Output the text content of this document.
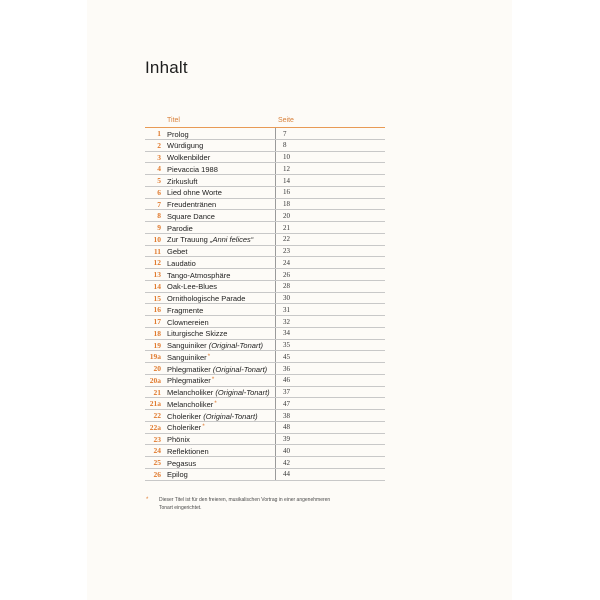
Inhalt
Titel	Seite
1 Prolog	7
2 Würdigung	8
3 Wolkenbilder	10
4 Pievaccia 1988	12
5 Zirkusluft	14
6 Lied ohne Worte	16
7 Freudentränen	18
8 Square Dance	20
9 Parodie	21
10 Zur Trauung „Anni felices“	22
11 Gebet	23
12 Laudatio	24
13 Tango-Atmosphäre	26
14 Oak-Lee-Blues	28
15 Ornithologische Parade	30
16 Fragmente	31
17 Clownereien	32
18 Liturgische Skizze	34
19 Sanguiniker (Original-Tonart)	35
19a Sanguiniker*	45
20 Phlegmatiker (Original-Tonart) 36
20a Phlegmatiker*	46
21 Melancholiker (Original-Tonart) 37
21a Melancholiker*	47
22 Choleriker (Original-Tonart)	38
22a Choleriker*	48
23 Phönix	39
24 Reflektionen	40
25 Pegasus	42
26 Epilog	44
* Dieser Titel ist für den freieren, musikalischen Vortrag in einer angenehmeren Tonart eingerichtet.
